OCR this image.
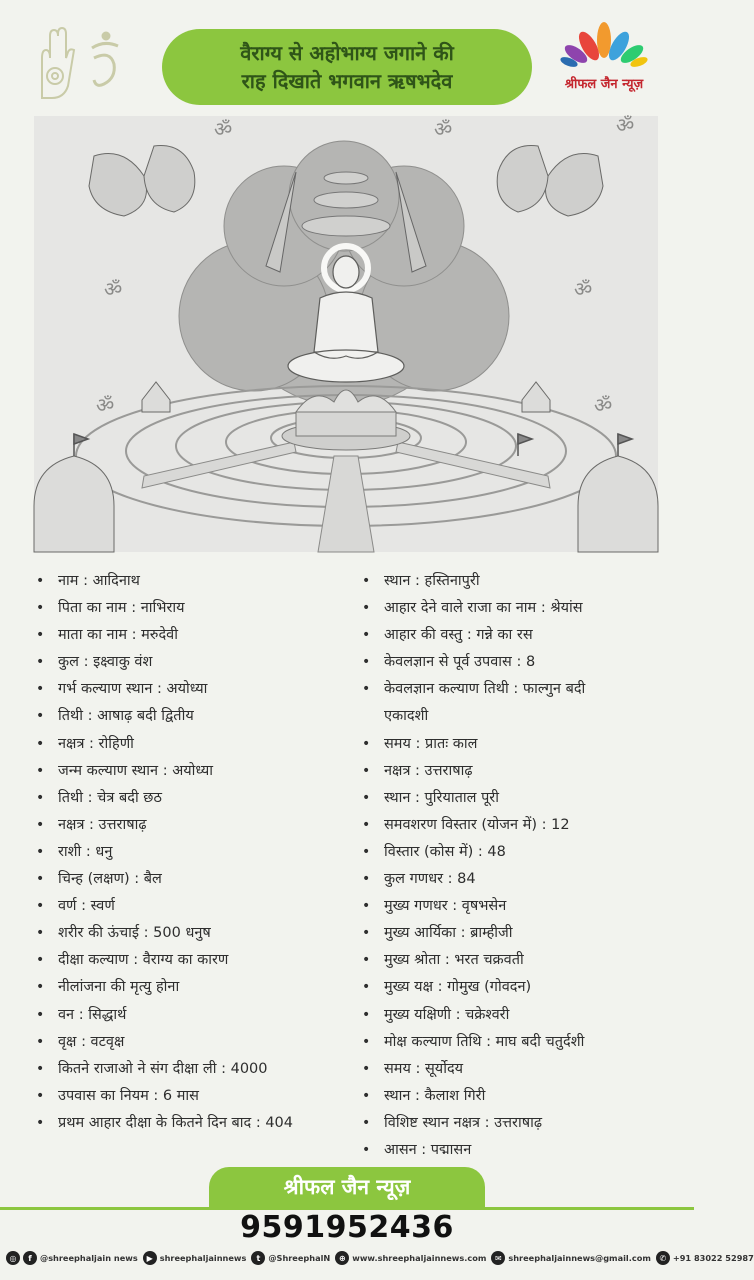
वैराग्य से अहोभाग्य जगाने की
राह दिखाते भगवान ऋषभदेव	श्रीफल जैन न्यूज़
ॐ	ॐ
ॐ	ॐ
ॐ	ॐ
ॐ
• नाम : आदिनाथ
• पिता का नाम : नाभिराय
• माता का नाम : मरुदेवी
• कुल : इक्ष्वाकु वंश
• गर्भ कल्याण स्थान : अयोध्या
• तिथी : आषाढ़ बदी द्वितीय
• नक्षत्र : रोहिणी
• जन्म कल्याण स्थान : अयोध्या
• तिथी : चेत्र बदी छठ
• नक्षत्र : उत्तराषाढ़
• राशी : धनु
• चिन्ह (लक्षण) : बैल
• वर्ण : स्वर्ण
• शरीर की ऊंचाई : 500 धनुष
• दीक्षा कल्याण : वैराग्य का कारण
• नीलांजना की मृत्यु होना
• वन : सिद्धार्थ
• वृक्ष : वटवृक्ष
• कितने राजाओ ने संग दीक्षा ली : 4000
• उपवास का नियम : 6 मास
• प्रथम आहार दीक्षा के कितने दिन बाद : 404
• स्थान : हस्तिनापुरी
• आहार देने वाले राजा का नाम : श्रेयांस
• आहार की वस्तु : गन्ने का रस
• केवलज्ञान से पूर्व उपवास : 8
• केवलज्ञान कल्याण तिथी : फाल्गुन बदी
एकादशी
• समय : प्रातः काल
• नक्षत्र : उत्तराषाढ़
• स्थान : पुरियाताल पूरी
• समवशरण विस्तार (योजन में) : 12
• विस्तार (कोस में) : 48
• कुल गणधर : 84
• मुख्य गणधर : वृषभसेन
• मुख्य आर्यिका : ब्राम्हीजी
• मुख्य श्रोता : भरत चक्रवती
• मुख्य यक्ष : गोमुख (गोवदन)
• मुख्य यक्षिणी : चक्रेश्वरी
• मोक्ष कल्याण तिथि : माघ बदी चतुर्दशी
• समय : सूर्योदय
• स्थान : कैलाश गिरी
• विशिष्ट स्थान नक्षत्र : उत्तराषाढ़
• आसन : पद्मासन
श्रीफल जैन न्यूज़
9591952436
◎	f	@shreephaljain news	▶ shreephaljainnews	t @ShreephalN	⊕ www.shreephaljainnews.com	✉ shreephaljainnews@gmail.com	✆ +91 83022 52987
